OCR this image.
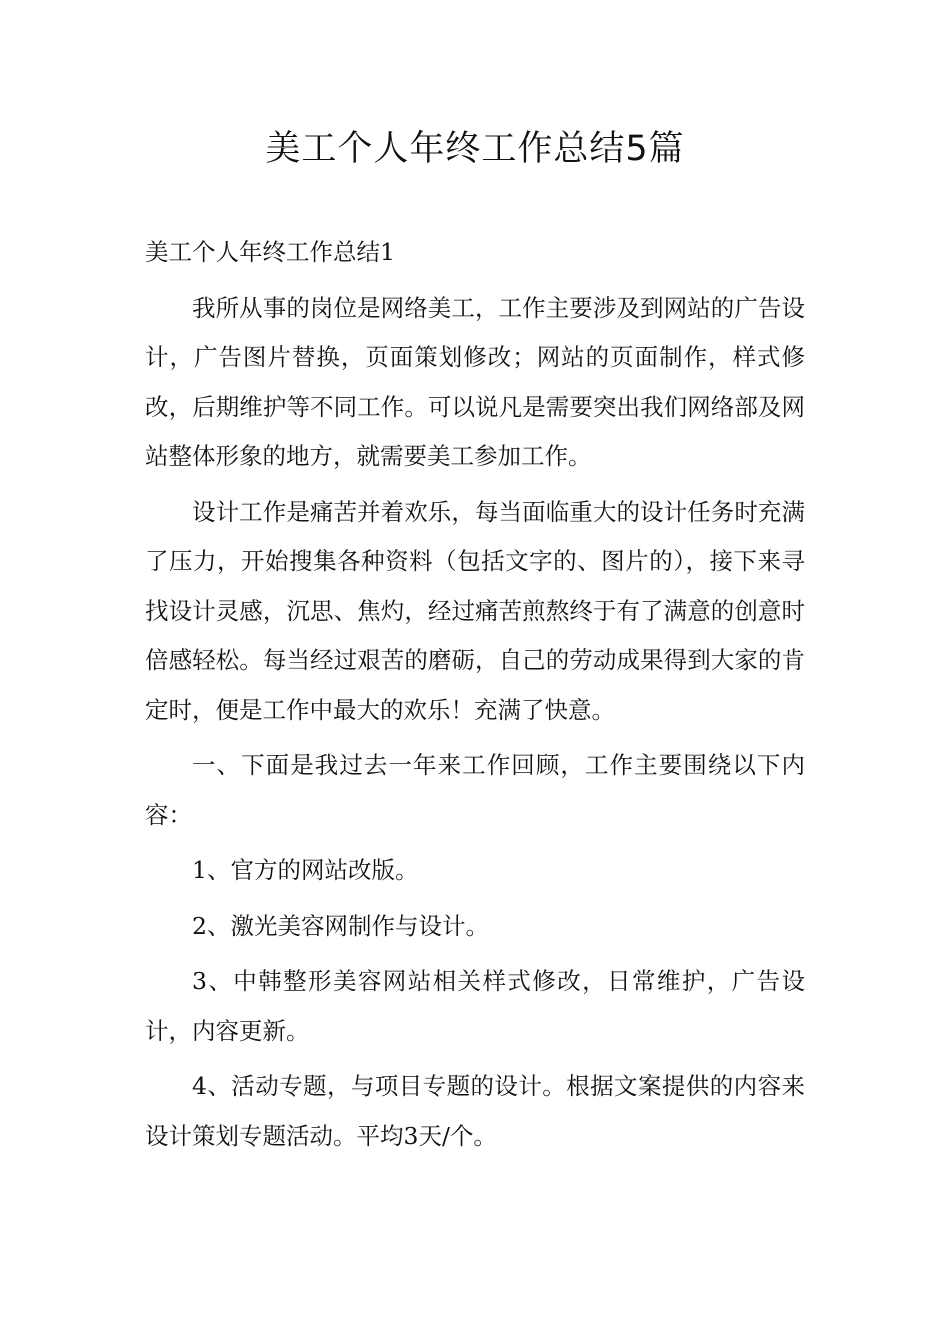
美工个人年终工作总结5篇

美工个人年终工作总结1

我所从事的岗位是网络美工，工作主要涉及到网站的广告设计，广告图片替换，页面策划修改；网站的页面制作，样式修改，后期维护等不同工作。可以说凡是需要突出我们网络部及网站整体形象的地方，就需要美工参加工作。

设计工作是痛苦并着欢乐，每当面临重大的设计任务时充满了压力，开始搜集各种资料（包括文字的、图片的），接下来寻找设计灵感，沉思、焦灼，经过痛苦煎熬终于有了满意的创意时倍感轻松。每当经过艰苦的磨砺，自己的劳动成果得到大家的肯定时，便是工作中最大的欢乐！充满了快意。

一、下面是我过去一年来工作回顾，工作主要围绕以下内容：

1、官方的网站改版。

2、激光美容网制作与设计。

3、中韩整形美容网站相关样式修改，日常维护，广告设计，内容更新。

4、活动专题，与项目专题的设计。根据文案提供的内容来设计策划专题活动。平均3天/个。
